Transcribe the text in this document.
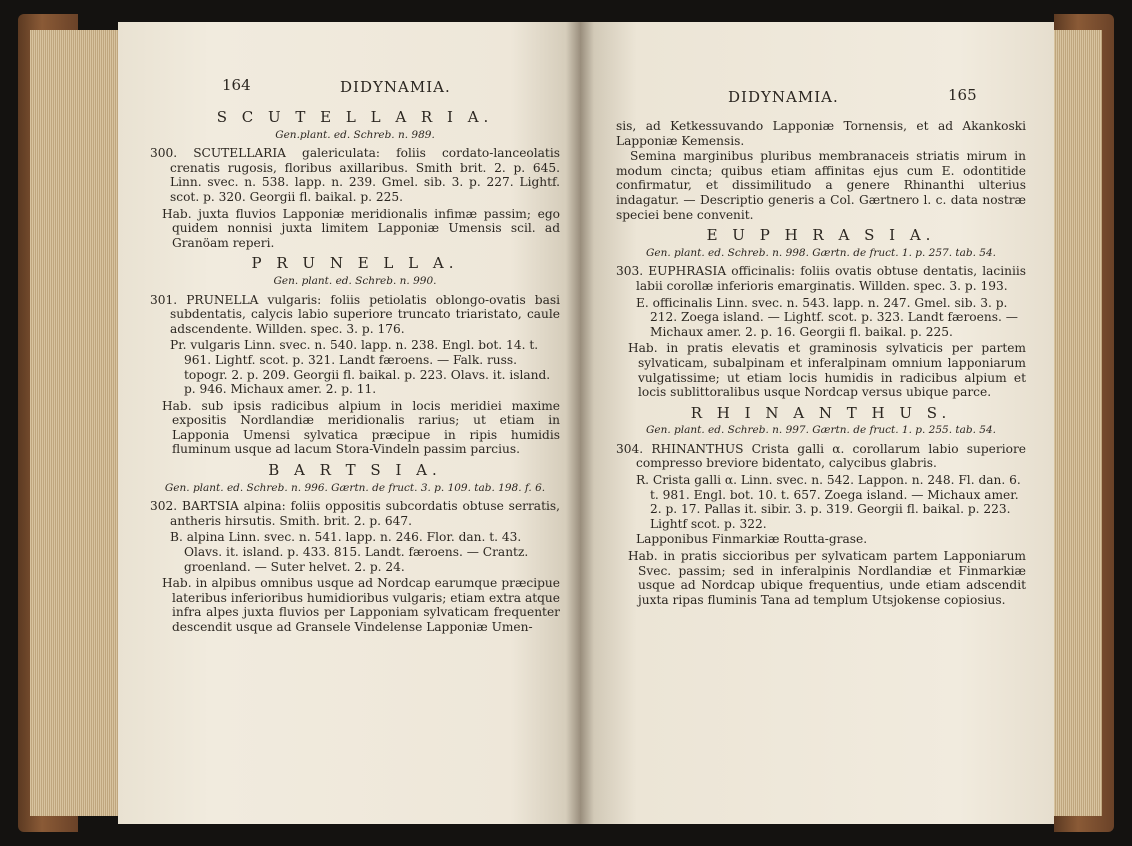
164	DIDYNAMIA.
S C U T E L L A R I A.
Gen.plant. ed. Schreb. n. 989.
300. SCUTELLARIA galericulata: foliis cordato-lanceolatis crenatis rugosis, floribus axillaribus. Smith brit. 2. p. 645. Linn. svec. n. 538. lapp. n. 239. Gmel. sib. 3. p. 227. Lightf. scot. p. 320. Georgii fl. baikal. p. 225.
Hab. juxta fluvios Lapponiæ meridionalis infimæ passim; ego quidem nonnisi juxta limitem Lapponiæ Umensis scil. ad Granöam reperi.
P R U N E L L A.
Gen. plant. ed. Schreb. n. 990.
301. PRUNELLA vulgaris: foliis petiolatis oblongo-ovatis basi subdentatis, calycis labio superiore truncato triaristato, caule adscendente. Willden. spec. 3. p. 176.
Pr. vulgaris Linn. svec. n. 540. lapp. n. 238. Engl. bot. 14. t. 961. Lightf. scot. p. 321. Landt færoens. — Falk. russ. topogr. 2. p. 209. Georgii fl. baikal. p. 223. Olavs. it. island. p. 946. Michaux amer. 2. p. 11.
Hab. sub ipsis radicibus alpium in locis meridiei maxime expositis Nordlandiæ meridionalis rarius; ut etiam in Lapponia Umensi sylvatica præcipue in ripis humidis fluminum usque ad lacum Stora-Vindeln passim parcius.
B A R T S I A.
Gen. plant. ed. Schreb. n. 996. Gærtn. de fruct. 3. p. 109. tab. 198. f. 6.
302. BARTSIA alpina: foliis oppositis subcordatis obtuse serratis, antheris hirsutis. Smith. brit. 2. p. 647.
B. alpina Linn. svec. n. 541. lapp. n. 246. Flor. dan. t. 43. Olavs. it. island. p. 433. 815. Landt. færoens. — Crantz. groenland. — Suter helvet. 2. p. 24.
Hab. in alpibus omnibus usque ad Nordcap earumque præcipue lateribus inferioribus humidioribus vulgaris; etiam extra atque infra alpes juxta fluvios per Lapponiam sylvaticam frequenter descendit usque ad Gransele Vindelense Lapponiæ Umen-
DIDYNAMIA.	165
sis, ad Ketkessuvando Lapponiæ Tornensis, et ad Akankoski Lapponiæ Kemensis.
Semina marginibus pluribus membranaceis striatis mirum in modum cincta; quibus etiam affinitas ejus cum E. odontitide confirmatur, et dissimilitudo a genere Rhinanthi ulterius indagatur. — Descriptio generis a Col. Gærtnero l. c. data nostræ speciei bene convenit.
E U P H R A S I A.
Gen. plant. ed. Schreb. n. 998. Gærtn. de fruct. 1. p. 257. tab. 54.
303. EUPHRASIA officinalis: foliis ovatis obtuse dentatis, laciniis labii corollæ inferioris emarginatis. Willden. spec. 3. p. 193.
E. officinalis Linn. svec. n. 543. lapp. n. 247. Gmel. sib. 3. p. 212. Zoega island. — Lightf. scot. p. 323. Landt færoens. — Michaux amer. 2. p. 16. Georgii fl. baikal. p. 225.
Hab. in pratis elevatis et graminosis sylvaticis per partem sylvaticam, subalpinam et inferalpinam omnium lapponiarum vulgatissime; ut etiam locis humidis in radicibus alpium et locis sublittoralibus usque Nordcap versus ubique parce.
R H I N A N T H U S.
Gen. plant. ed. Schreb. n. 997. Gærtn. de fruct. 1. p. 255. tab. 54.
304. RHINANTHUS Crista galli α. corollarum labio superiore compresso breviore bidentato, calycibus glabris.
R. Crista galli α. Linn. svec. n. 542. Lappon. n. 248. Fl. dan. 6. t. 981. Engl. bot. 10. t. 657. Zoega island. — Michaux amer. 2. p. 17. Pallas it. sibir. 3. p. 319. Georgii fl. baikal. p. 223. Lightf scot. p. 322.
Lapponibus Finmarkiæ Routta-grase.
Hab. in pratis siccioribus per sylvaticam partem Lapponiarum Svec. passim; sed in inferalpinis Nordlandiæ et Finmarkiæ usque ad Nordcap ubique frequentius, unde etiam adscendit juxta ripas fluminis Tana ad templum Utsjokense copiosius.
